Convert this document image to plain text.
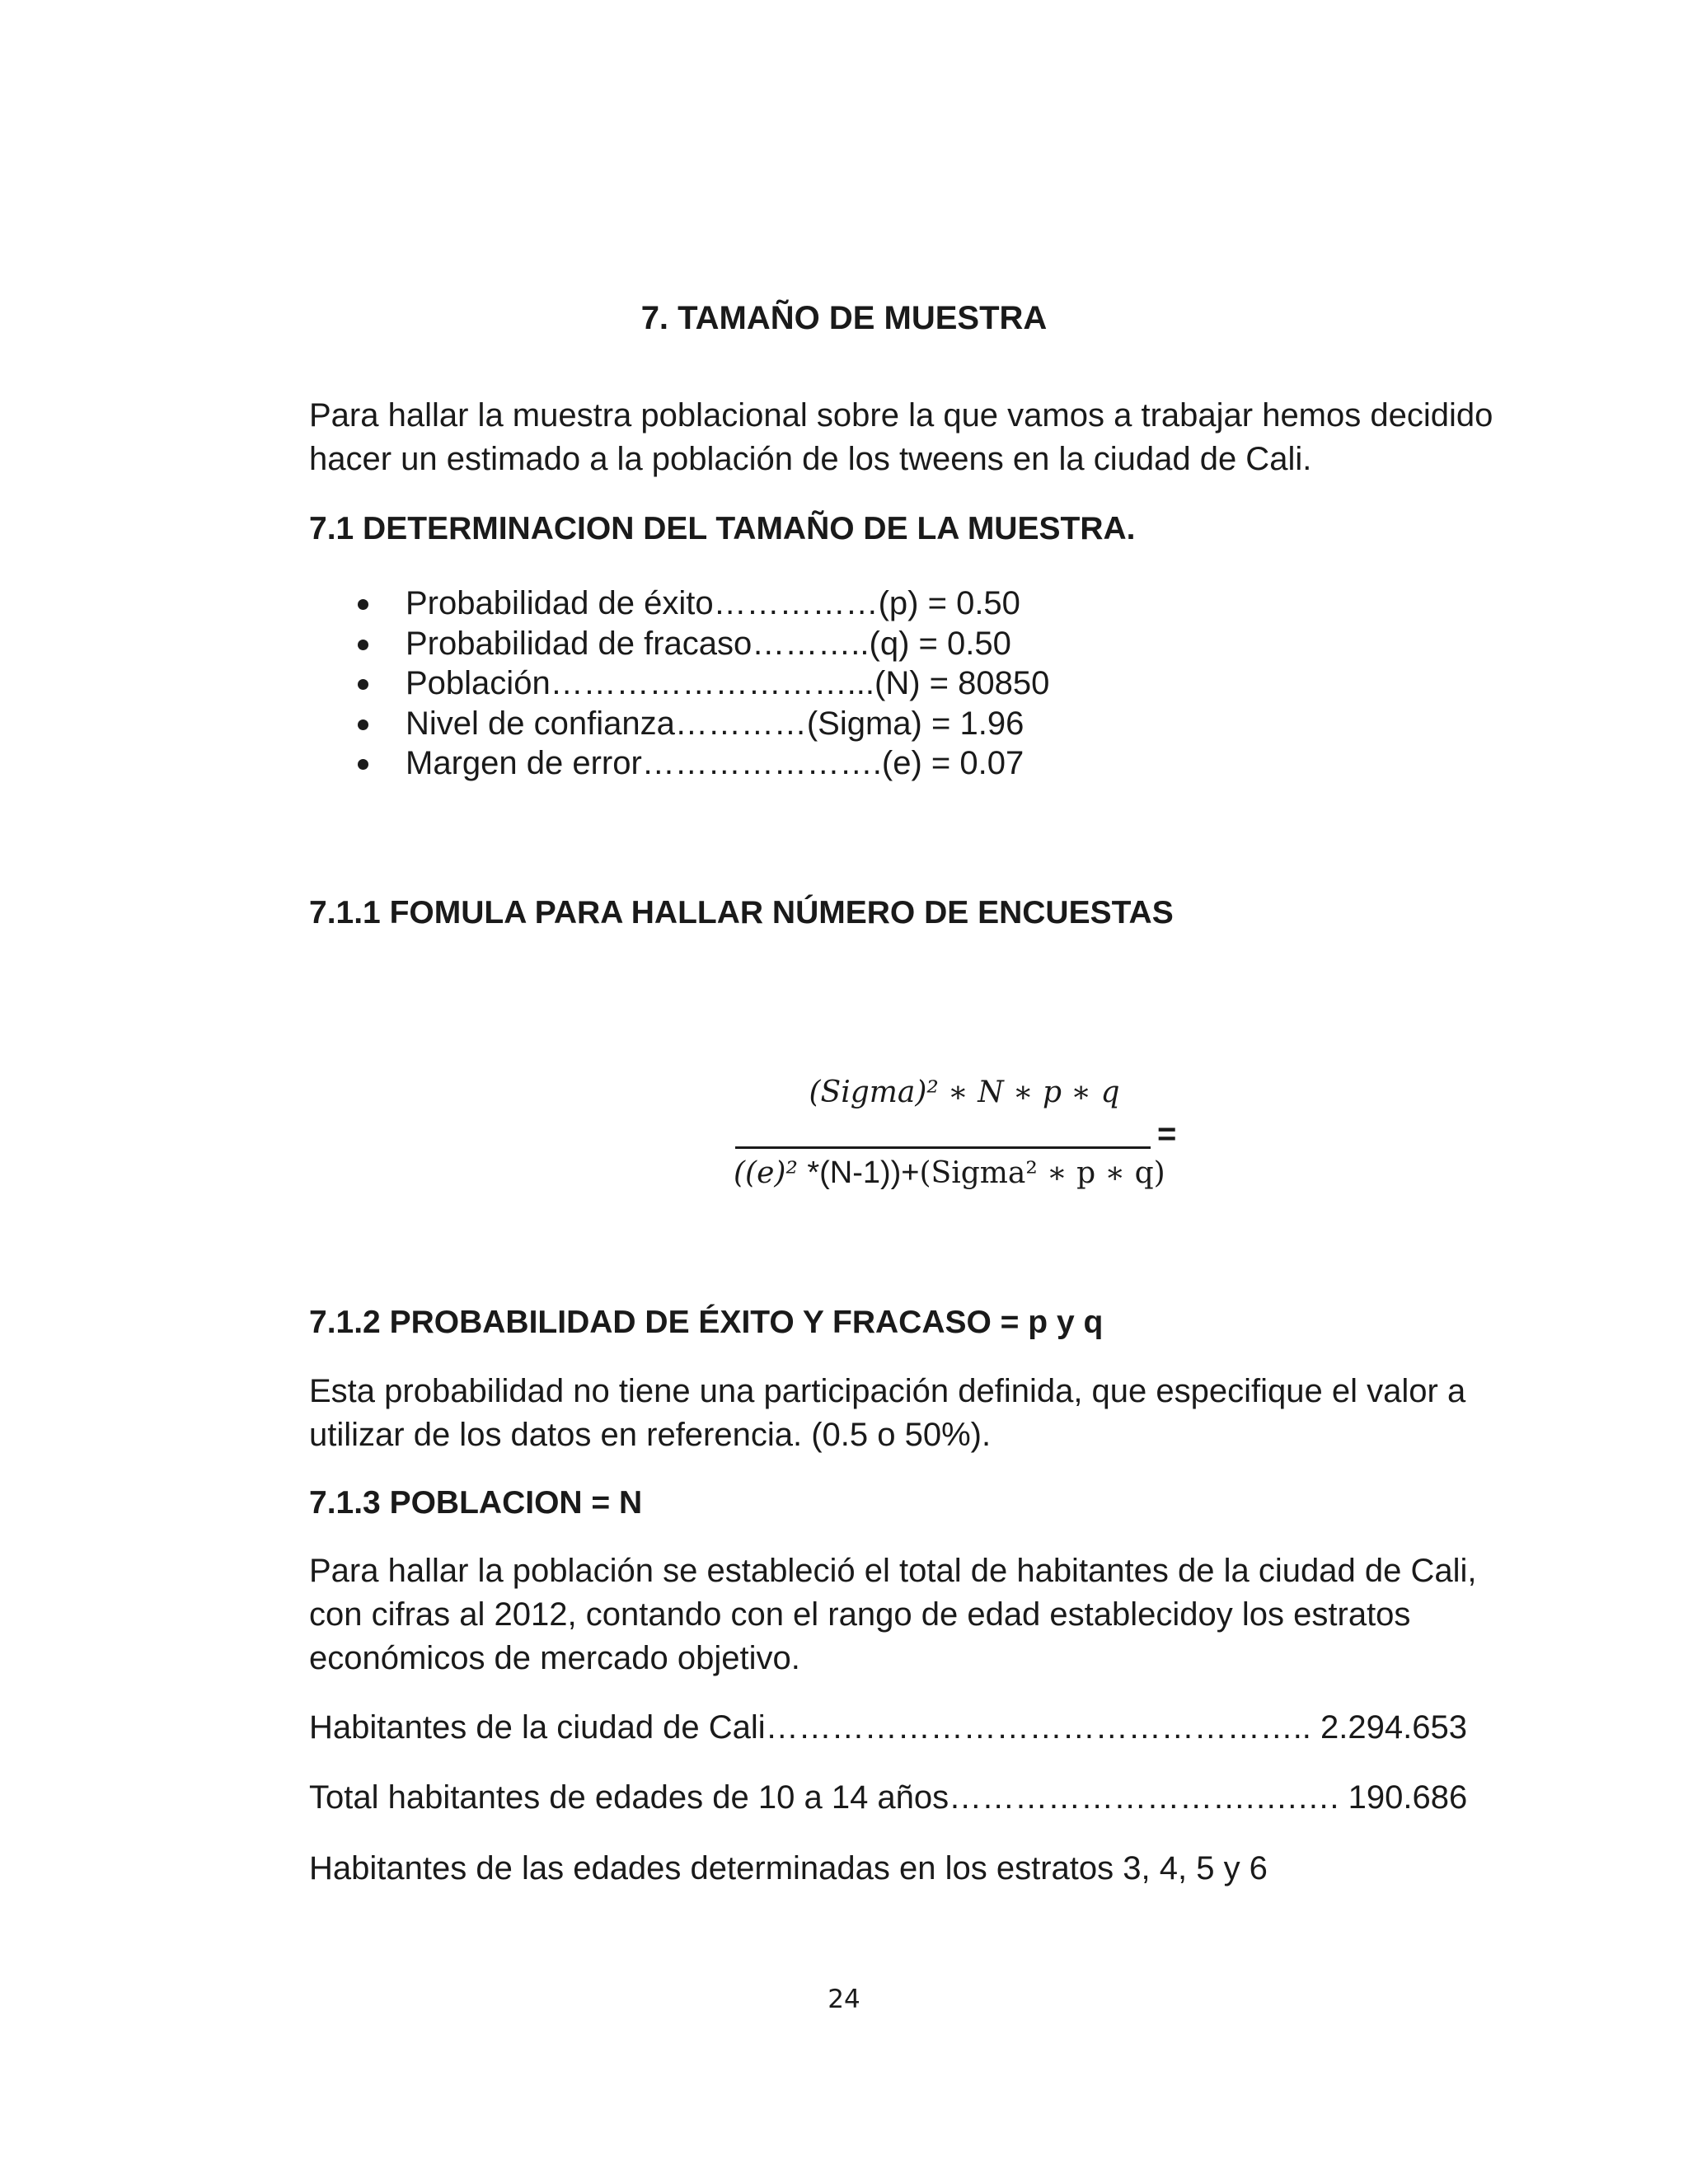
7. TAMAÑO DE MUESTRA
Para hallar la muestra poblacional sobre la que vamos a trabajar hemos decidido
hacer un estimado a la población de los tweens en la ciudad de Cali.
7.1 DETERMINACION DEL TAMAÑO DE LA MUESTRA.
Probabilidad de éxito……………(p) = 0.50
Probabilidad de fracaso………..(q) = 0.50
Población………………………...(N) = 80850
Nivel de confianza…………(Sigma) = 1.96
Margen de error………………….(e) = 0.07
7.1.1 FOMULA PARA HALLAR NÚMERO DE ENCUESTAS
(Sigma)² ∗ N ∗ p ∗ q
=
((e)² *(N-1))+(Sigma² ∗ p ∗ q)
7.1.2 PROBABILIDAD DE ÉXITO Y FRACASO = p y q
Esta probabilidad no tiene una participación definida, que especifique el valor a
utilizar de los datos en referencia. (0.5 o 50%).
7.1.3 POBLACION = N
Para hallar la población se estableció el total de habitantes de la ciudad de Cali,
con cifras al 2012, contando con el rango de edad establecidoy los estratos
económicos de mercado objetivo.
Habitantes de la ciudad de Cali………………………………………….. 2.294.653
Total habitantes de edades de 10 a 14 años……………………….….…. 190.686
Habitantes de las edades determinadas en los estratos 3, 4, 5 y 6
24
